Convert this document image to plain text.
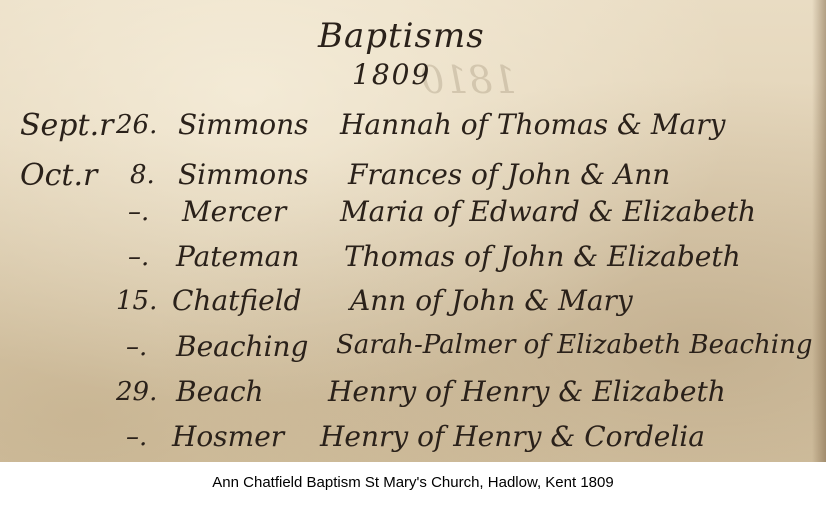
1810
Baptisms
1809
Sept.r 26. Simmons Hannah of Thomas & Mary
Oct.r 8. Simmons Frances of John & Ann
–. Mercer Maria of Edward & Elizabeth
–. Pateman Thomas of John & Elizabeth
15. Chatfield Ann of John & Mary
–. Beaching Sarah-Palmer of Elizabeth Beaching
29. Beach Henry of Henry & Elizabeth
–. Hosmer Henry of Henry & Cordelia
Ann Chatfield Baptism St Mary's Church, Hadlow, Kent 1809
